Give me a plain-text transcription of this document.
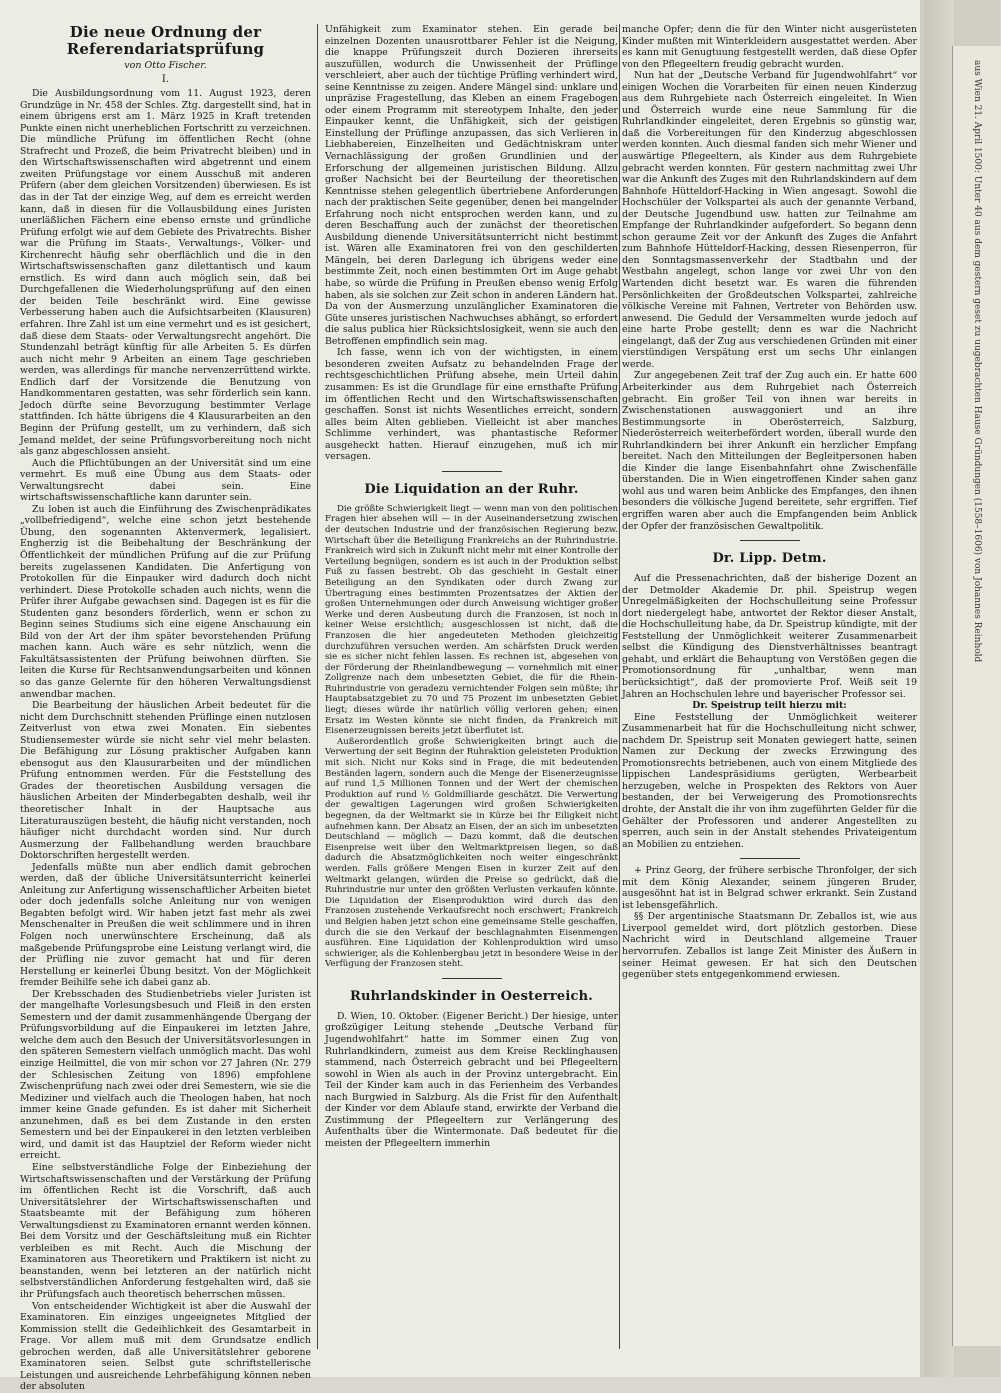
Die neue Ordnung der Referendariatsprüfung
von Otto Fischer.
I.

Die Ausbildungsordnung vom 11. August 1923, deren Grundzüge in Nr. 458 der Schles. Ztg. dargestellt sind, hat in einem übrigens erst am 1. März 1925 in Kraft tretenden Punkte einen nicht unerheblichen Fortschritt zu verzeichnen. Die mündliche Prüfung im öffentlichen Recht (ohne Strafrecht und Prozeß, die beim Privatrecht bleiben) und in den Wirtschaftswissenschaften wird abgetrennt und einem zweiten Prüfungstage vor einem Ausschuß mit anderen Prüfern (aber dem gleichen Vorsitzenden) überwiesen. Es ist das in der Tat der einzige Weg, auf dem es erreicht werden kann, daß in diesen für die Vollausbildung eines Juristen unerläßlichen Fächern eine ebenso ernste und gründliche Prüfung erfolgt wie auf dem Gebiete des Privatrechts. Bisher war die Prüfung im Staats-, Verwaltungs-, Völker- und Kirchenrecht häufig sehr oberflächlich und die in den Wirtschaftswissenschaften ganz dilettantisch und kaum ernstlich. Es wird dann auch möglich sein, daß bei Durchgefallenen die Wiederholungsprüfung auf den einen der beiden Teile beschränkt wird. Eine gewisse Verbesserung haben auch die Aufsichtsarbeiten (Klausuren) erfahren. Ihre Zahl ist um eine vermehrt und es ist gesichert, daß diese dem Staats- oder Verwaltungsrecht angehört. Die Stundenzahl beträgt künftig für alle Arbeiten 5. Es dürfen auch nicht mehr 9 Arbeiten an einem Tage geschrieben werden, was allerdings für manche nervenzerrüttend wirkte. Endlich darf der Vorsitzende die Benutzung von Handkommentaren gestatten, was sehr förderlich sein kann. Jedoch dürfte seine Bevorzugung bestimmter Verlage stattfinden. Ich hätte übrigens die 4 Klausurarbeiten an den Beginn der Prüfung gestellt, um zu verhindern, daß sich Jemand meldet, der seine Prüfungsvorbereitung noch nicht als ganz abgeschlossen ansieht.

Auch die Pflichtübungen an der Universität sind um eine vermehrt. Es muß eine Übung aus dem Staats- oder Verwaltungsrecht dabei sein. Eine wirtschaftswissenschaftliche kann darunter sein.

Zu loben ist auch die Einführung des Zwischenprädikates „vollbefriedigend“, welche eine schon jetzt bestehende Übung, den sogenannten Aktenvermerk, legalisiert. Engherzig ist die Beibehaltung der Beschränkung der Öffentlichkeit der mündlichen Prüfung auf die zur Prüfung bereits zugelassenen Kandidaten. Die Anfertigung von Protokollen für die Einpauker wird dadurch doch nicht verhindert. Diese Protokolle schaden auch nichts, wenn die Prüfer ihrer Aufgabe gewachsen sind. Dagegen ist es für die Studenten ganz besonders förderlich, wenn er schon zu Beginn seines Studiums sich eine eigene Anschauung ein Bild von der Art der ihm später bevorstehenden Prüfung machen kann. Auch wäre es sehr nützlich, wenn die Fakultätsassistenten der Prüfung beiwohnen dürften. Sie leiten die Kurse für Rechtsanwendungsarbeiten und können so das ganze Gelernte für den höheren Verwaltungsdienst anwendbar machen.

Die Bearbeitung der häuslichen Arbeit bedeutet für die nicht dem Durchschnitt stehenden Prüflinge einen nutzlosen Zeitverlust von etwa zwei Monaten. Ein siebentes Studiensemester würde sie nicht sehr viel mehr belasten. Die Befähigung zur Lösung praktischer Aufgaben kann ebensogut aus den Klausurarbeiten und der mündlichen Prüfung entnommen werden. Für die Feststellung des Grades der theoretischen Ausbildung versagen die häuslichen Arbeiten der Minderbegabten deshalb, weil ihr theoretischer Inhalt in der Hauptsache aus Literaturauszügen besteht, die häufig nicht verstanden, noch häufiger nicht durchdacht worden sind. Nur durch Ausmerzung der Fallbehandlung werden brauchbare Doktorschriften hergestellt werden.

Jedenfalls müßte nun aber endlich damit gebrochen werden, daß der übliche Universitätsunterricht keinerlei Anleitung zur Anfertigung wissenschaftlicher Arbeiten bietet oder doch jedenfalls solche Anleitung nur von wenigen Begabten befolgt wird. Wir haben jetzt fast mehr als zwei Menschenalter in Preußen die weit schlimmere und in ihren Folgen noch unerwünschtere Erscheinung, daß als maßgebende Prüfungsprobe eine Leistung verlangt wird, die der Prüfling nie zuvor gemacht hat und für deren Herstellung er keinerlei Übung besitzt. Von der Möglichkeit fremder Beihilfe sehe ich dabei ganz ab.

Der Krebsschaden des Studienbetriebs vieler Juristen ist der mangelhafte Vorlesungsbesuch und Fleiß in den ersten Semestern und der damit zusammenhängende Übergang der Prüfungsvorbildung auf die Einpaukerei im letzten Jahre, welche dem auch den Besuch der Universitätsvorlesungen in den späteren Semestern vielfach unmöglich macht. Das wohl einzige Heilmittel, die von mir schon vor 27 Jahren (Nr. 279 der Schlesischen Zeitung von 1896) empfohlene Zwischenprüfung nach zwei oder drei Semestern, wie sie die Mediziner und vielfach auch die Theologen haben, hat noch immer keine Gnade gefunden. Es ist daher mit Sicherheit anzunehmen, daß es bei dem Zustande in den ersten Semestern und bei der Einpaukerei in den letzten verbleiben wird, und damit ist das Hauptziel der Reform wieder nicht erreicht.

Eine selbstverständliche Folge der Einbeziehung der Wirtschaftswissenschaften und der Verstärkung der Prüfung im öffentlichen Recht ist die Vorschrift, daß auch Universitätslehrer der Wirtschaftswissenschaften und Staatsbeamte mit der Befähigung zum höheren Verwaltungsdienst zu Examinatoren ernannt werden können. Bei dem Vorsitz und der Geschäftsleitung muß ein Richter verbleiben es mit Recht. Auch die Mischung der Examinatoren aus Theoretikern und Praktikern ist nicht zu beanstanden, wenn bei letzteren an der natürlich nicht selbstverständlichen Anforderung festgehalten wird, daß sie ihr Prüfungsfach auch theoretisch beherrschen müssen.

Von entscheidender Wichtigkeit ist aber die Auswahl der Examinatoren. Ein einziges ungeeignetes Mitglied der Kommission stellt die Gedeihlichkeit des Gesamtarbeit in Frage. Vor allem muß mit dem Grundsatze endlich gebrochen werden, daß alle Universitätslehrer geborene Examinatoren seien. Selbst gute schriftstellerische Leistungen und ausreichende Lehrbefähigung können neben der absoluten

Unfähigkeit zum Examinator stehen. Ein gerade bei einzelnen Dozenten unausrottbarer Fehler ist die Neigung, die knappe Prüfungszeit durch Dozieren ihrerseits auszufüllen, wodurch die Unwissenheit der Prüflinge verschleiert, aber auch der tüchtige Prüfling verhindert wird, seine Kenntnisse zu zeigen. Andere Mängel sind: unklare und unpräzise Fragestellung, das Kleben an einem Fragebogen oder einem Programm mit stereotypem Inhalte, den jeder Einpauker kennt, die Unfähigkeit, sich der geistigen Einstellung der Prüflinge anzupassen, das sich Verlieren in Liebhabereien, Einzelheiten und Gedächtniskram unter Vernachlässigung der großen Grundlinien und der Erforschung der allgemeinen juristischen Bildung. Allzu großer Nachsicht bei der Beurteilung der theoretischen Kenntnisse stehen gelegentlich übertriebene Anforderungen nach der praktischen Seite gegenüber, denen bei mangelnder Erfahrung noch nicht entsprochen werden kann, und zu deren Beschaffung auch der zunächst der theoretischen Ausbildung dienende Universitätsunterricht nicht bestimmt ist. Wären alle Examinatoren frei von den geschilderten Mängeln, bei deren Darlegung ich übrigens weder eine bestimmte Zeit, noch einen bestimmten Ort im Auge gehabt habe, so würde die Prüfung in Preußen ebenso wenig Erfolg haben, als sie solchen zur Zeit schon in anderen Ländern hat. Da von der Ausmerzung unzulänglicher Examinatoren die Güte unseres juristischen Nachwuchses abhängt, so erfordert die salus publica hier Rücksichtslosigkeit, wenn sie auch den Betroffenen empfindlich sein mag.

Ich fasse, wenn ich von der wichtigsten, in einem besonderen zweiten Aufsatz zu behandelnden Frage der rechtsgeschichtlichen Prüfung absehe, mein Urteil dahin zusammen: Es ist die Grundlage für eine ernsthafte Prüfung im öffentlichen Recht und den Wirtschaftswissenschaften geschaffen. Sonst ist nichts Wesentliches erreicht, sondern alles beim Alten geblieben. Vielleicht ist aber manches Schlimme verhindert, was phantastische Reformer ausgeheckt hatten. Hierauf einzugehen, muß ich mir versagen.

Die Liquidation an der Ruhr.

Die größte Schwierigkeit liegt — wenn man von den politischen Fragen hier absehen will — in der Auseinandersetzung zwischen der deutschen Industrie und der französischen Regierung bezw. Wirtschaft über die Beteiligung Frankreichs an der Ruhrindustrie. Frankreich wird sich in Zukunft nicht mehr mit einer Kontrolle der Verteilung begnügen, sondern es ist auch in der Produktion selbst Fuß zu fassen bestrebt. Ob das geschieht in Gestalt einer Beteiligung an den Syndikaten oder durch Zwang zur Übertragung eines bestimmten Prozentsatzes der Aktien der großen Unternehmungen oder durch Anweisung wichtiger großer Werke und deren Ausbeutung durch die Franzosen, ist noch in keiner Weise ersichtlich; ausgeschlossen ist nicht, daß die Franzosen die hier angedeuteten Methoden gleichzeitig durchzuführen versuchen werden. Am schärfsten Druck werden sie es sicher nicht fehlen lassen. Es rechnen ist, abgesehen von der Förderung der Rheinlandbewegung — vornehmlich mit einer Zollgrenze nach dem unbesetzten Gebiet, die für die Rhein-Ruhrindustrie von geradezu vernichtender Folgen sein müßte; ihr Hauptabsatzgebiet zu 70 und 75 Prozent im unbesetzten Gebiet liegt; dieses würde ihr natürlich völlig verloren gehen; einen Ersatz im Westen könnte sie nicht finden, da Frankreich mit Eisenerzeugnissen bereits jetzt überflutet ist.

Außerordentlich große Schwierigkeiten bringt auch die Verwertung der seit Beginn der Ruhraktion geleisteten Produktion mit sich. Nicht nur Koks sind in Frage, die mit bedeutenden Beständen lagern, sondern auch die Menge der Eisenerzeugnisse auf rund 1,5 Millionen Tonnen und der Wert der chemischen Produktion auf rund ½ Goldmilliarde geschätzt. Die Verwertung der gewaltigen Lagerungen wird großen Schwierigkeiten begegnen, da der Weltmarkt sie in Kürze bei Ihr Eiligkeit nicht aufnehmen kann. Der Absatz an Eisen, der an sich im unbesetzten Deutschland — möglich — Dazu kommt, daß die deutschen Eisenpreise weit über den Weltmarktpreisen liegen, so daß dadurch die Absatzmöglichkeiten noch weiter eingeschränkt werden. Falls größere Mengen Eisen in kurzer Zeit auf den Weltmarkt gelangen, würden die Preise so gedrückt, daß die Ruhrindustrie nur unter den größten Verlusten verkaufen könnte. Die Liquidation der Eisenproduktion wird durch das den Franzosen zustehende Verkaufsrecht noch erschwert; Frankreich und Belgien haben jetzt schon eine gemeinsame Stelle geschaffen, durch die sie den Verkauf der beschlagnahmten Eisenmengen ausführen. Eine Liquidation der Kohlenproduktion wird umso schwieriger, als die Kohlenbergbau jetzt in besondere Weise in der Verfügung der Franzosen steht.

Ruhrlandskinder in Oesterreich.

D. Wien, 10. Oktober. (Eigener Bericht.) Der hiesige, unter großzügiger Leitung stehende „Deutsche Verband für Jugendwohlfahrt“ hatte im Sommer einen Zug von Ruhrlandkindern, zumeist aus dem Kreise Recklinghausen stammend, nach Österreich gebracht und bei Pflegeeltern sowohl in Wien als auch in der Provinz untergebracht. Ein Teil der Kinder kam auch in das Ferienheim des Verbandes nach Burgwied in Salzburg. Als die Frist für den Aufenthalt der Kinder vor dem Ablaufe stand, erwirkte der Verband die Zustimmung der Pflegeeltern zur Verlängerung des Aufenthalts über die Wintermonate. Daß bedeutet für die meisten der Pflegeeltern immerhin

manche Opfer; denn die für den Winter nicht ausgerüsteten Kinder mußten mit Winterkleidern ausgestattet werden. Aber es kann mit Genugtuung festgestellt werden, daß diese Opfer von den Pflegeeltern freudig gebracht wurden.

Nun hat der „Deutsche Verband für Jugendwohlfahrt“ vor einigen Wochen die Vorarbeiten für einen neuen Kinderzug aus dem Ruhrgebiete nach Österreich eingeleitet. In Wien und Österreich wurde eine neue Sammlung für die Ruhrlandkinder eingeleitet, deren Ergebnis so günstig war, daß die Vorbereitungen für den Kinderzug abgeschlossen werden konnten. Auch diesmal fanden sich mehr Wiener und auswärtige Pflegeeltern, als Kinder aus dem Ruhrgebiete gebracht werden konnten. Für gestern nachmittag zwei Uhr war die Ankunft des Zuges mit den Ruhrlandskindern auf dem Bahnhofe Hütteldorf-Hacking in Wien angesagt. Sowohl die Hochschüler der Volkspartei als auch der genannte Verband, der Deutsche Jugendbund usw. hatten zur Teilnahme am Empfange der Ruhrlandkinder aufgefordert. So begann denn schon geraume Zeit vor der Ankunft des Zuges die Anfahrt zum Bahnhofe Hütteldorf-Hacking, dessen Riesenperron, für den Sonntagsmassenverkehr der Stadtbahn und der Westbahn angelegt, schon lange vor zwei Uhr von den Wartenden dicht besetzt war. Es waren die führenden Persönlichkeiten der Großdeutschen Volkspartei, zahlreiche völkische Vereine mit Fahnen, Vertreter von Behörden usw. anwesend. Die Geduld der Versammelten wurde jedoch auf eine harte Probe gestellt; denn es war die Nachricht eingelangt, daß der Zug aus verschiedenen Gründen mit einer vierstündigen Verspätung erst um sechs Uhr einlangen werde.

Zur angegebenen Zeit traf der Zug auch ein. Er hatte 600 Arbeiterkinder aus dem Ruhrgebiet nach Österreich gebracht. Ein großer Teil von ihnen war bereits in Zwischenstationen auswaggoniert und an ihre Bestimmungsorte in Oberösterreich, Salzburg, Niederösterreich weiterbefördert worden, überall wurde den Ruhrlandkindern bei ihrer Ankunft ein herzlicher Empfang bereitet. Nach den Mitteilungen der Begleitpersonen haben die Kinder die lange Eisenbahnfahrt ohne Zwischenfälle überstanden. Die in Wien eingetroffenen Kinder sahen ganz wohl aus und waren beim Anblicke des Empfanges, den ihnen besonders die völkische Jugend bereitete, sehr ergriffen. Tief ergriffen waren aber auch die Empfangenden beim Anblick der Opfer der französischen Gewaltpolitik.

Dr. Lipp. Detm.

Auf die Pressenachrichten, daß der bisherige Dozent an der Detmolder Akademie Dr. phil. Speistrup wegen Unregelmäßigkeiten der Hochschulleitung seine Professur dort niedergelegt habe, antwortet der Rektor dieser Anstalt, die Hochschulleitung habe, da Dr. Speistrup kündigte, mit der Feststellung der Unmöglichkeit weiterer Zusammenarbeit selbst die Kündigung des Dienstverhältnisses beantragt gehabt, und erklärt die Behauptung von Verstößen gegen die Promotionsordnung für „unhaltbar, wenn man berücksichtigt“, daß der promovierte Prof. Weiß seit 19 Jahren an Hochschulen lehre und bayerischer Professor sei.

Dr. Speistrup teilt hierzu mit:

Eine Feststellung der Unmöglichkeit weiterer Zusammenarbeit hat für die Hochschulleitung nicht schwer, nachdem Dr. Speistrup seit Monaten gewiegert hatte, seinen Namen zur Deckung der zwecks Erzwingung des Promotionsrechts betriebenen, auch von einem Mitgliede des lippischen Landespräsidiums gerügten, Werbearbeit herzugeben, welche in Prospekten des Rektors von Auer bestanden, der bei Verweigerung des Promotionsrechts drohte, der Anstalt die ihr von ihm zugeführten Gelder für die Gehälter der Professoren und anderer Angestellten zu sperren, auch sein in der Anstalt stehendes Privateigentum an Mobilien zu entziehen.

+ Prinz Georg, der frühere serbische Thronfolger, der sich mit dem König Alexander, seinem jüngeren Bruder, ausgesöhnt hat ist in Belgrad schwer erkrankt. Sein Zustand ist lebensgefährlich.

§§ Der argentinische Staatsmann Dr. Zeballos ist, wie aus Liverpool gemeldet wird, dort plötzlich gestorben. Diese Nachricht wird in Deutschland allgemeine Trauer hervorrufen. Zeballos ist lange Zeit Minister des Äußern in seiner Heimat gewesen. Er hat sich den Deutschen gegenüber stets entgegenkommend erwiesen.

aus Wien 21. April 1500: Unter 40 aus dem gestern geset zu uugebrachten Hause Gründungen (1558–1606) von Johannes Reinhold
